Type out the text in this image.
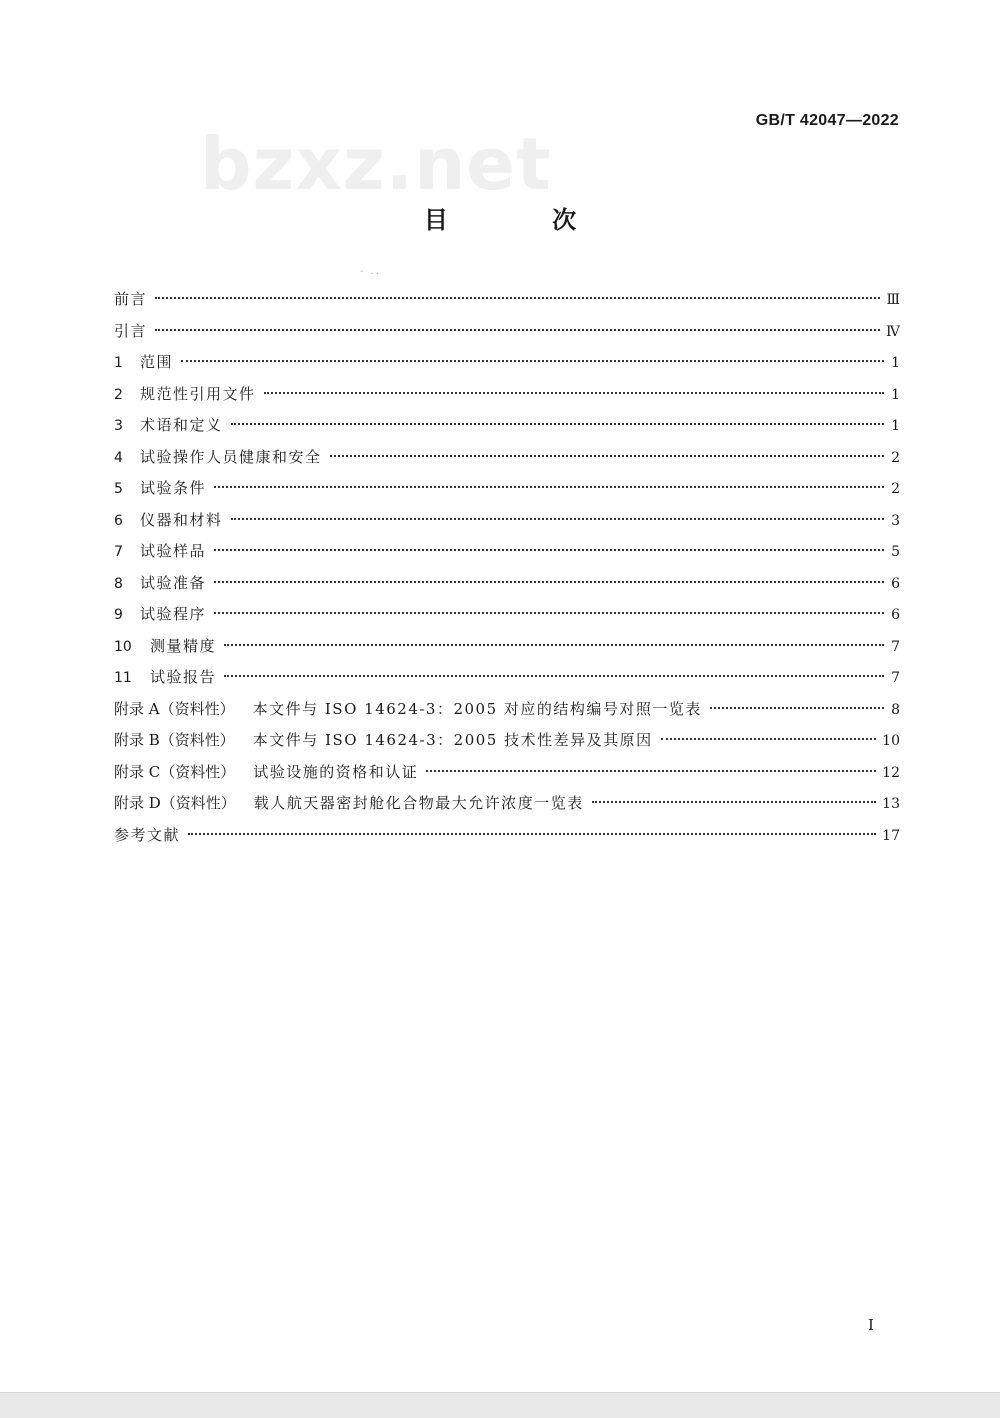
bzxz.net
GB/T 42047—2022
目 次
- ..
前言	Ⅲ
引言	Ⅳ
1	范围	1
2	规范性引用文件	1
3	术语和定义	1
4	试验操作人员健康和安全	2
5	试验条件	2
6	仪器和材料	3
7	试验样品	5
8	试验准备	6
9	试验程序	6
10	测量精度	7
11	试验报告	7
附录 A（资料性） 本文件与 ISO 14624-3：2005 对应的结构编号对照一览表	8
附录 B（资料性） 本文件与 ISO 14624-3：2005 技术性差异及其原因	10
附录 C（资料性） 试验设施的资格和认证	12
附录 D（资料性） 载人航天器密封舱化合物最大允许浓度一览表	13
参考文献	17
Ⅰ
